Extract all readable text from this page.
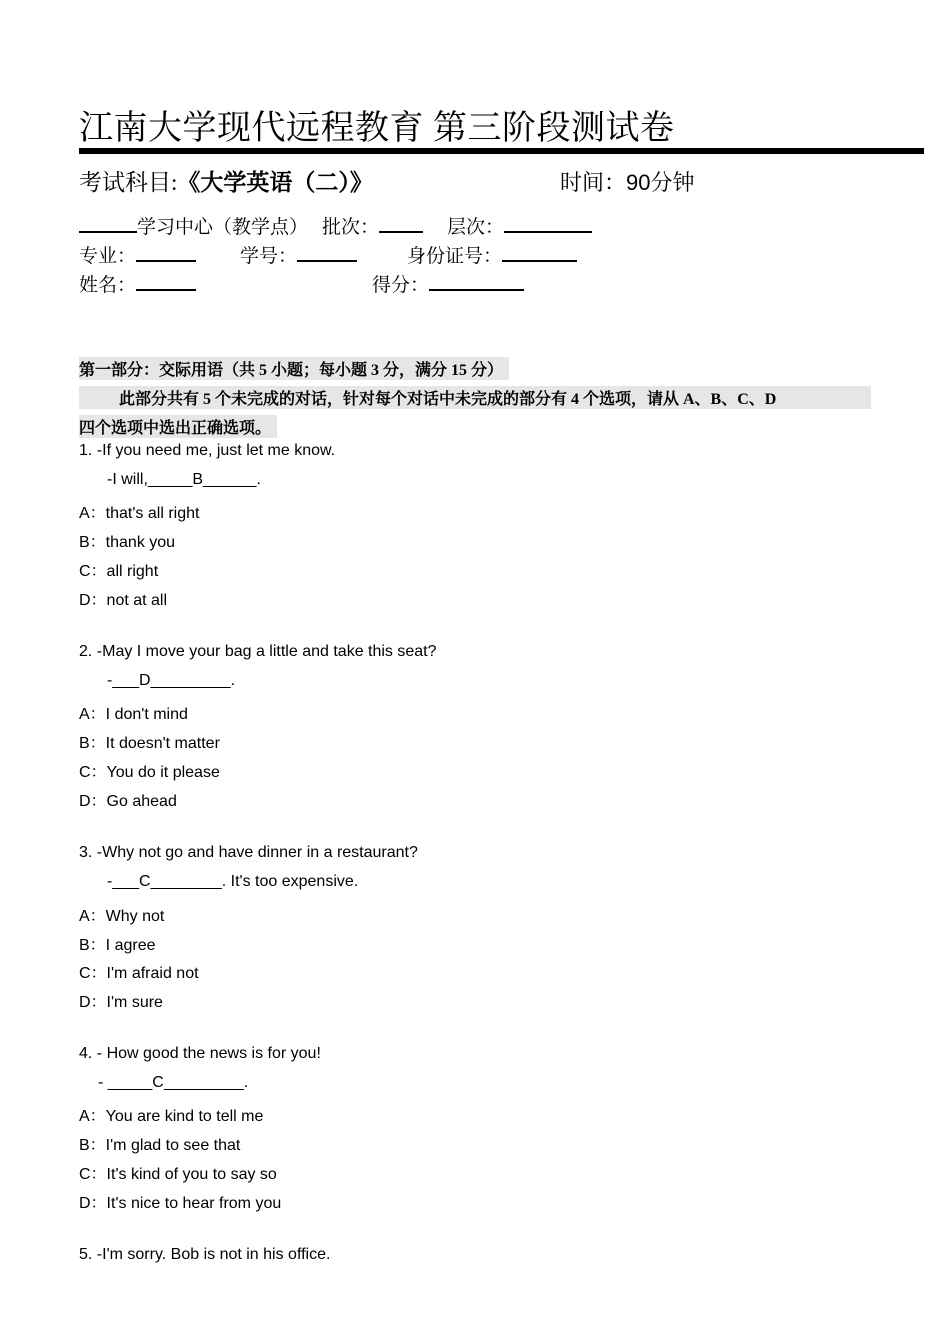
江南大学现代远程教育 第三阶段测试卷
考试科目:《大学英语（二）》	时间：90分钟
学习中心（教学点） 批次：	层次：
专业：	学号：	身份证号：
姓名：	得分：
第一部分：交际用语（共 5 小题；每小题 3 分，满分 15 分）
此部分共有 5 个未完成的对话，针对每个对话中未完成的部分有 4 个选项，请从 A、B、C、D
四个选项中选出正确选项。
1. -If you need me, just let me know.
-I will,_____B______.
A：that's all right
B：thank you
C：all right
D：not at all
2. -May I move your bag a little and take this seat?
-___D_________.
A：I don't mind
B：It doesn't matter
C：You do it please
D：Go ahead
3. -Why not go and have dinner in a restaurant?
-___C________. It's too expensive.
A：Why not
B：I agree
C：I'm afraid not
D：I'm sure
4. - How good the news is for you!
- _____C_________.
A：You are kind to tell me
B：I'm glad to see that
C：It's kind of you to say so
D：It's nice to hear from you
5. -I'm sorry. Bob is not in his office.
